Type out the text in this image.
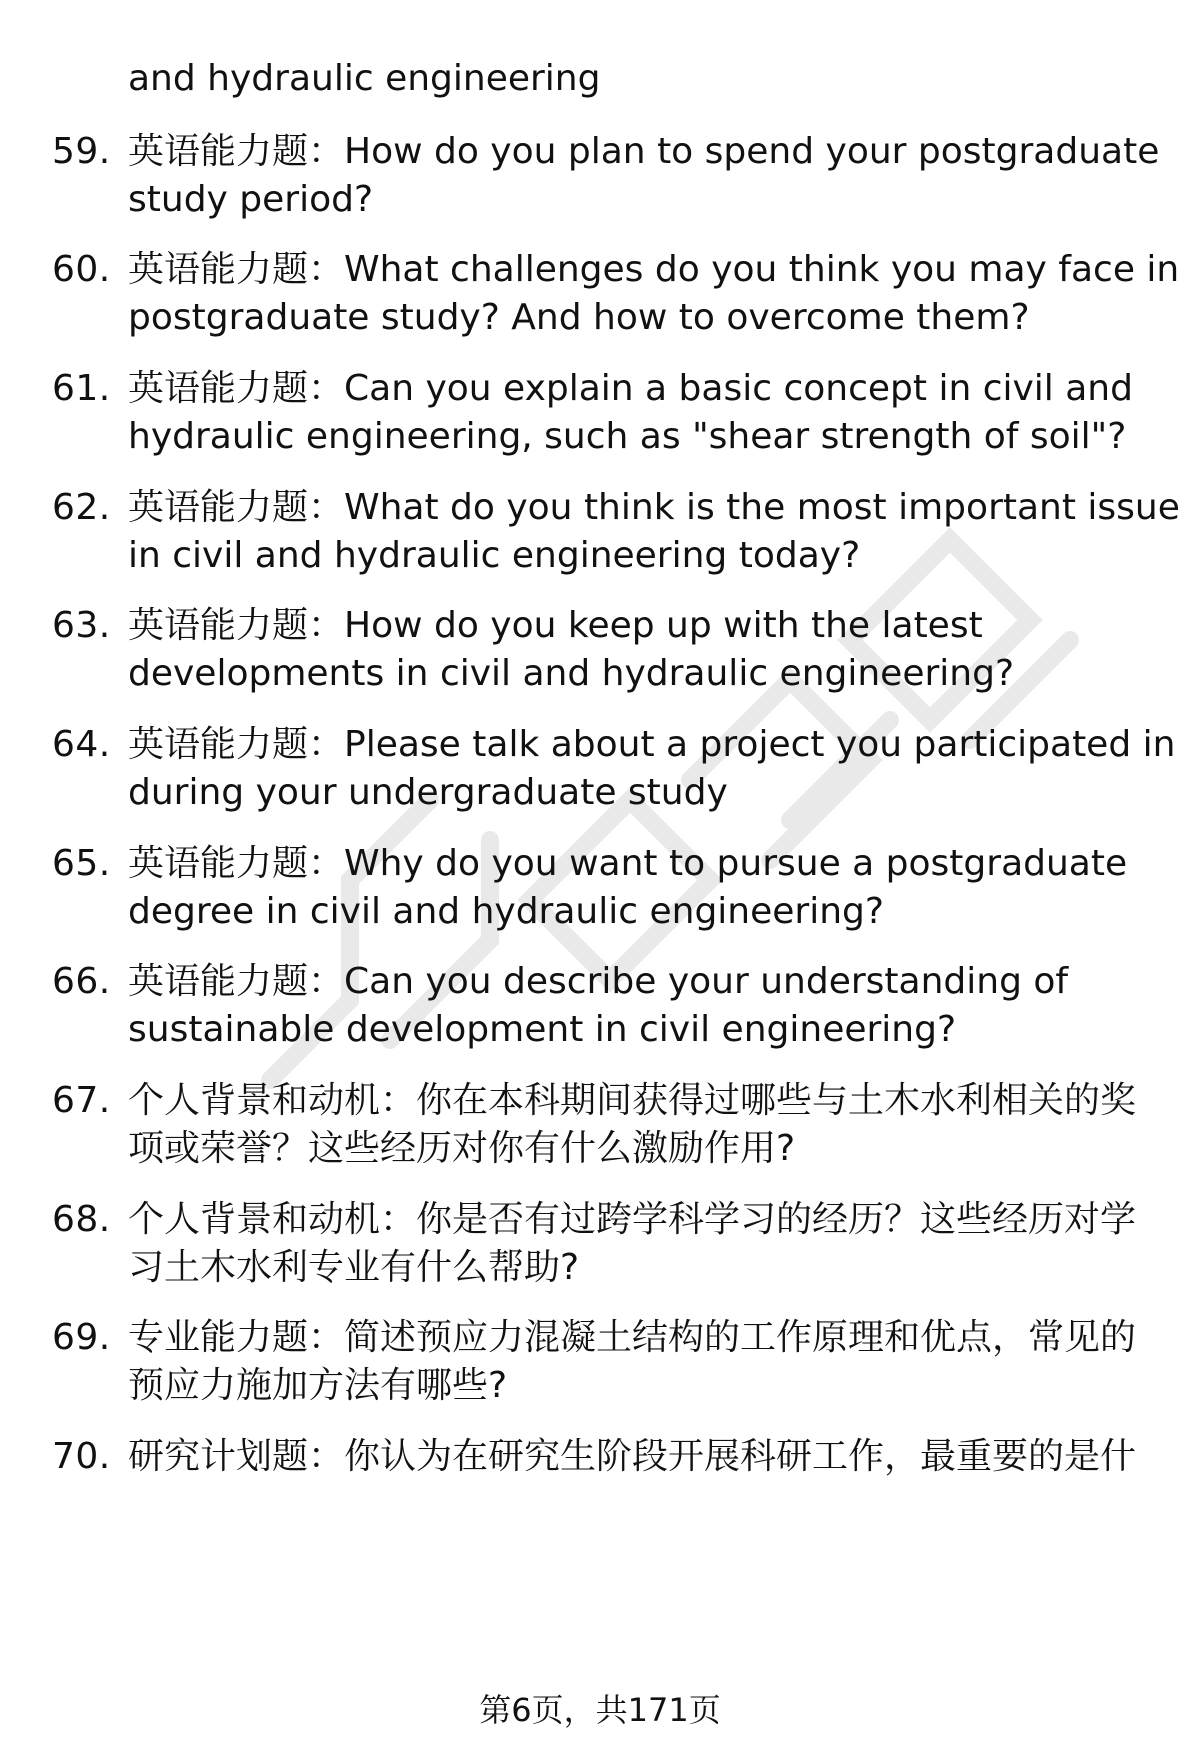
and hydraulic engineering
59. 英语能力题：How do you plan to spend your postgraduate
study period?
60. 英语能力题：What challenges do you think you may face in
postgraduate study? And how to overcome them?
61. 英语能力题：Can you explain a basic concept in civil and
hydraulic engineering, such as "shear strength of soil"?
62. 英语能力题：What do you think is the most important issue
in civil and hydraulic engineering today?
63. 英语能力题：How do you keep up with the latest
developments in civil and hydraulic engineering?
64. 英语能力题：Please talk about a project you participated in
during your undergraduate study
65. 英语能力题：Why do you want to pursue a postgraduate
degree in civil and hydraulic engineering?
66. 英语能力题：Can you describe your understanding of
sustainable development in civil engineering?
67. 个人背景和动机：你在本科期间获得过哪些与土木水利相关的奖
项或荣誉？这些经历对你有什么激励作用?
68. 个人背景和动机：你是否有过跨学科学习的经历？这些经历对学
习土木水利专业有什么帮助?
69. 专业能力题：简述预应力混凝土结构的工作原理和优点，常见的
预应力施加方法有哪些?
70. 研究计划题：你认为在研究生阶段开展科研工作，最重要的是什
第6页，共171页
